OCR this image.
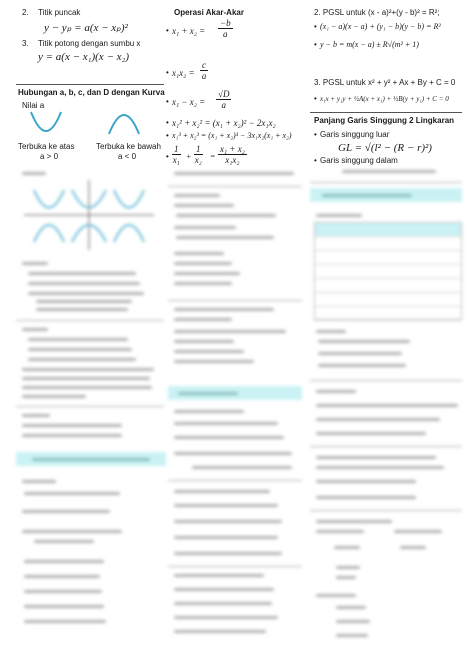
2. Titik puncak
y − yₚ = a(x − xₚ)²
3. Titik potong dengan sumbu x
y = a(x − x₁)(x − x₂)
Hubungan a, b, c, dan D dengan Kurva
Nilai a
Terbuka ke atas
a > 0
Terbuka ke bawah
a < 0
Operasi Akar-Akar
• $x_1 + x_2 = \frac{-b}{a}$
• $x_1x_2 = \frac{c}{a}$
• $x_1 - x_2 = \frac{√D}{a}$
• x₁² + x₂² = (x₁ + x₂)² − 2x₁x₂
• x₁³ + x₂³ = (x₁ + x₂)³ − 3x₁x₂(x₁ + x₂)
• $\frac{1}{\text{x₁}} + \frac{1}{\text{x₂}} = \frac{\text{x₁ + x₂}}{\text{x₁x₂}}$
2. PGSL untuk (x - a)²+(y - b)² = R²;
• (x₁ − a)(x − a) + (y₁ − b)(y − b) = R²
• y − b = m(x − a) ± R√(m² + 1)
3. PGSL untuk x² + y² + Ax + By + C = 0
• x₁x + y₁y + ½A(x + x₁) + ½B(y + y₁) + C = 0
Panjang Garis Singgung 2 Lingkaran
• Garis singgung luar
GL = √(l² − (R − r)²)
• Garis singgung dalam
